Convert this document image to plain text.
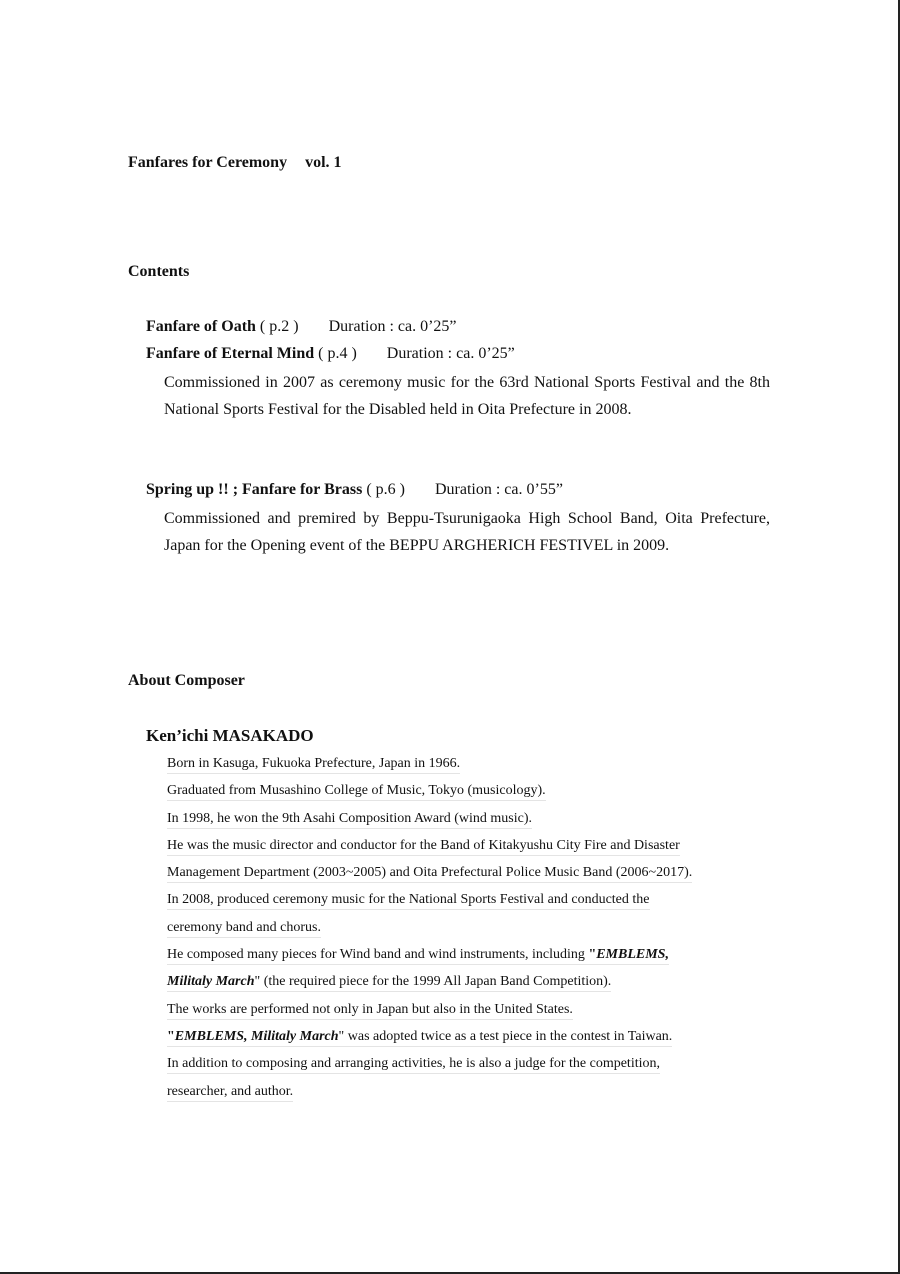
Fanfares for Ceremony vol. 1
Contents
Fanfare of Oath ( p.2 ) Duration : ca. 0’25”
Fanfare of Eternal Mind ( p.4 ) Duration : ca. 0’25”
Commissioned in 2007 as ceremony music for the 63rd National Sports Festival and the 8th National Sports Festival for the Disabled held in Oita Prefecture in 2008.
Spring up !! ; Fanfare for Brass ( p.6 ) Duration : ca. 0’55”
Commissioned and premired by Beppu-Tsurunigaoka High School Band, Oita Prefecture, Japan for the Opening event of the BEPPU ARGHERICH FESTIVEL in 2009.
About Composer
Ken’ichi MASAKADO
Born in Kasuga, Fukuoka Prefecture, Japan in 1966.
Graduated from Musashino College of Music, Tokyo (musicology).
In 1998, he won the 9th Asahi Composition Award (wind music).
He was the music director and conductor for the Band of Kitakyushu City Fire and Disaster
Management Department (2003~2005) and Oita Prefectural Police Music Band (2006~2017).
In 2008, produced ceremony music for the National Sports Festival and conducted the
ceremony band and chorus.
He composed many pieces for Wind band and wind instruments, including "EMBLEMS,
Militaly March" (the required piece for the 1999 All Japan Band Competition).
The works are performed not only in Japan but also in the United States.
"EMBLEMS, Militaly March" was adopted twice as a test piece in the contest in Taiwan.
In addition to composing and arranging activities, he is also a judge for the competition,
researcher, and author.
